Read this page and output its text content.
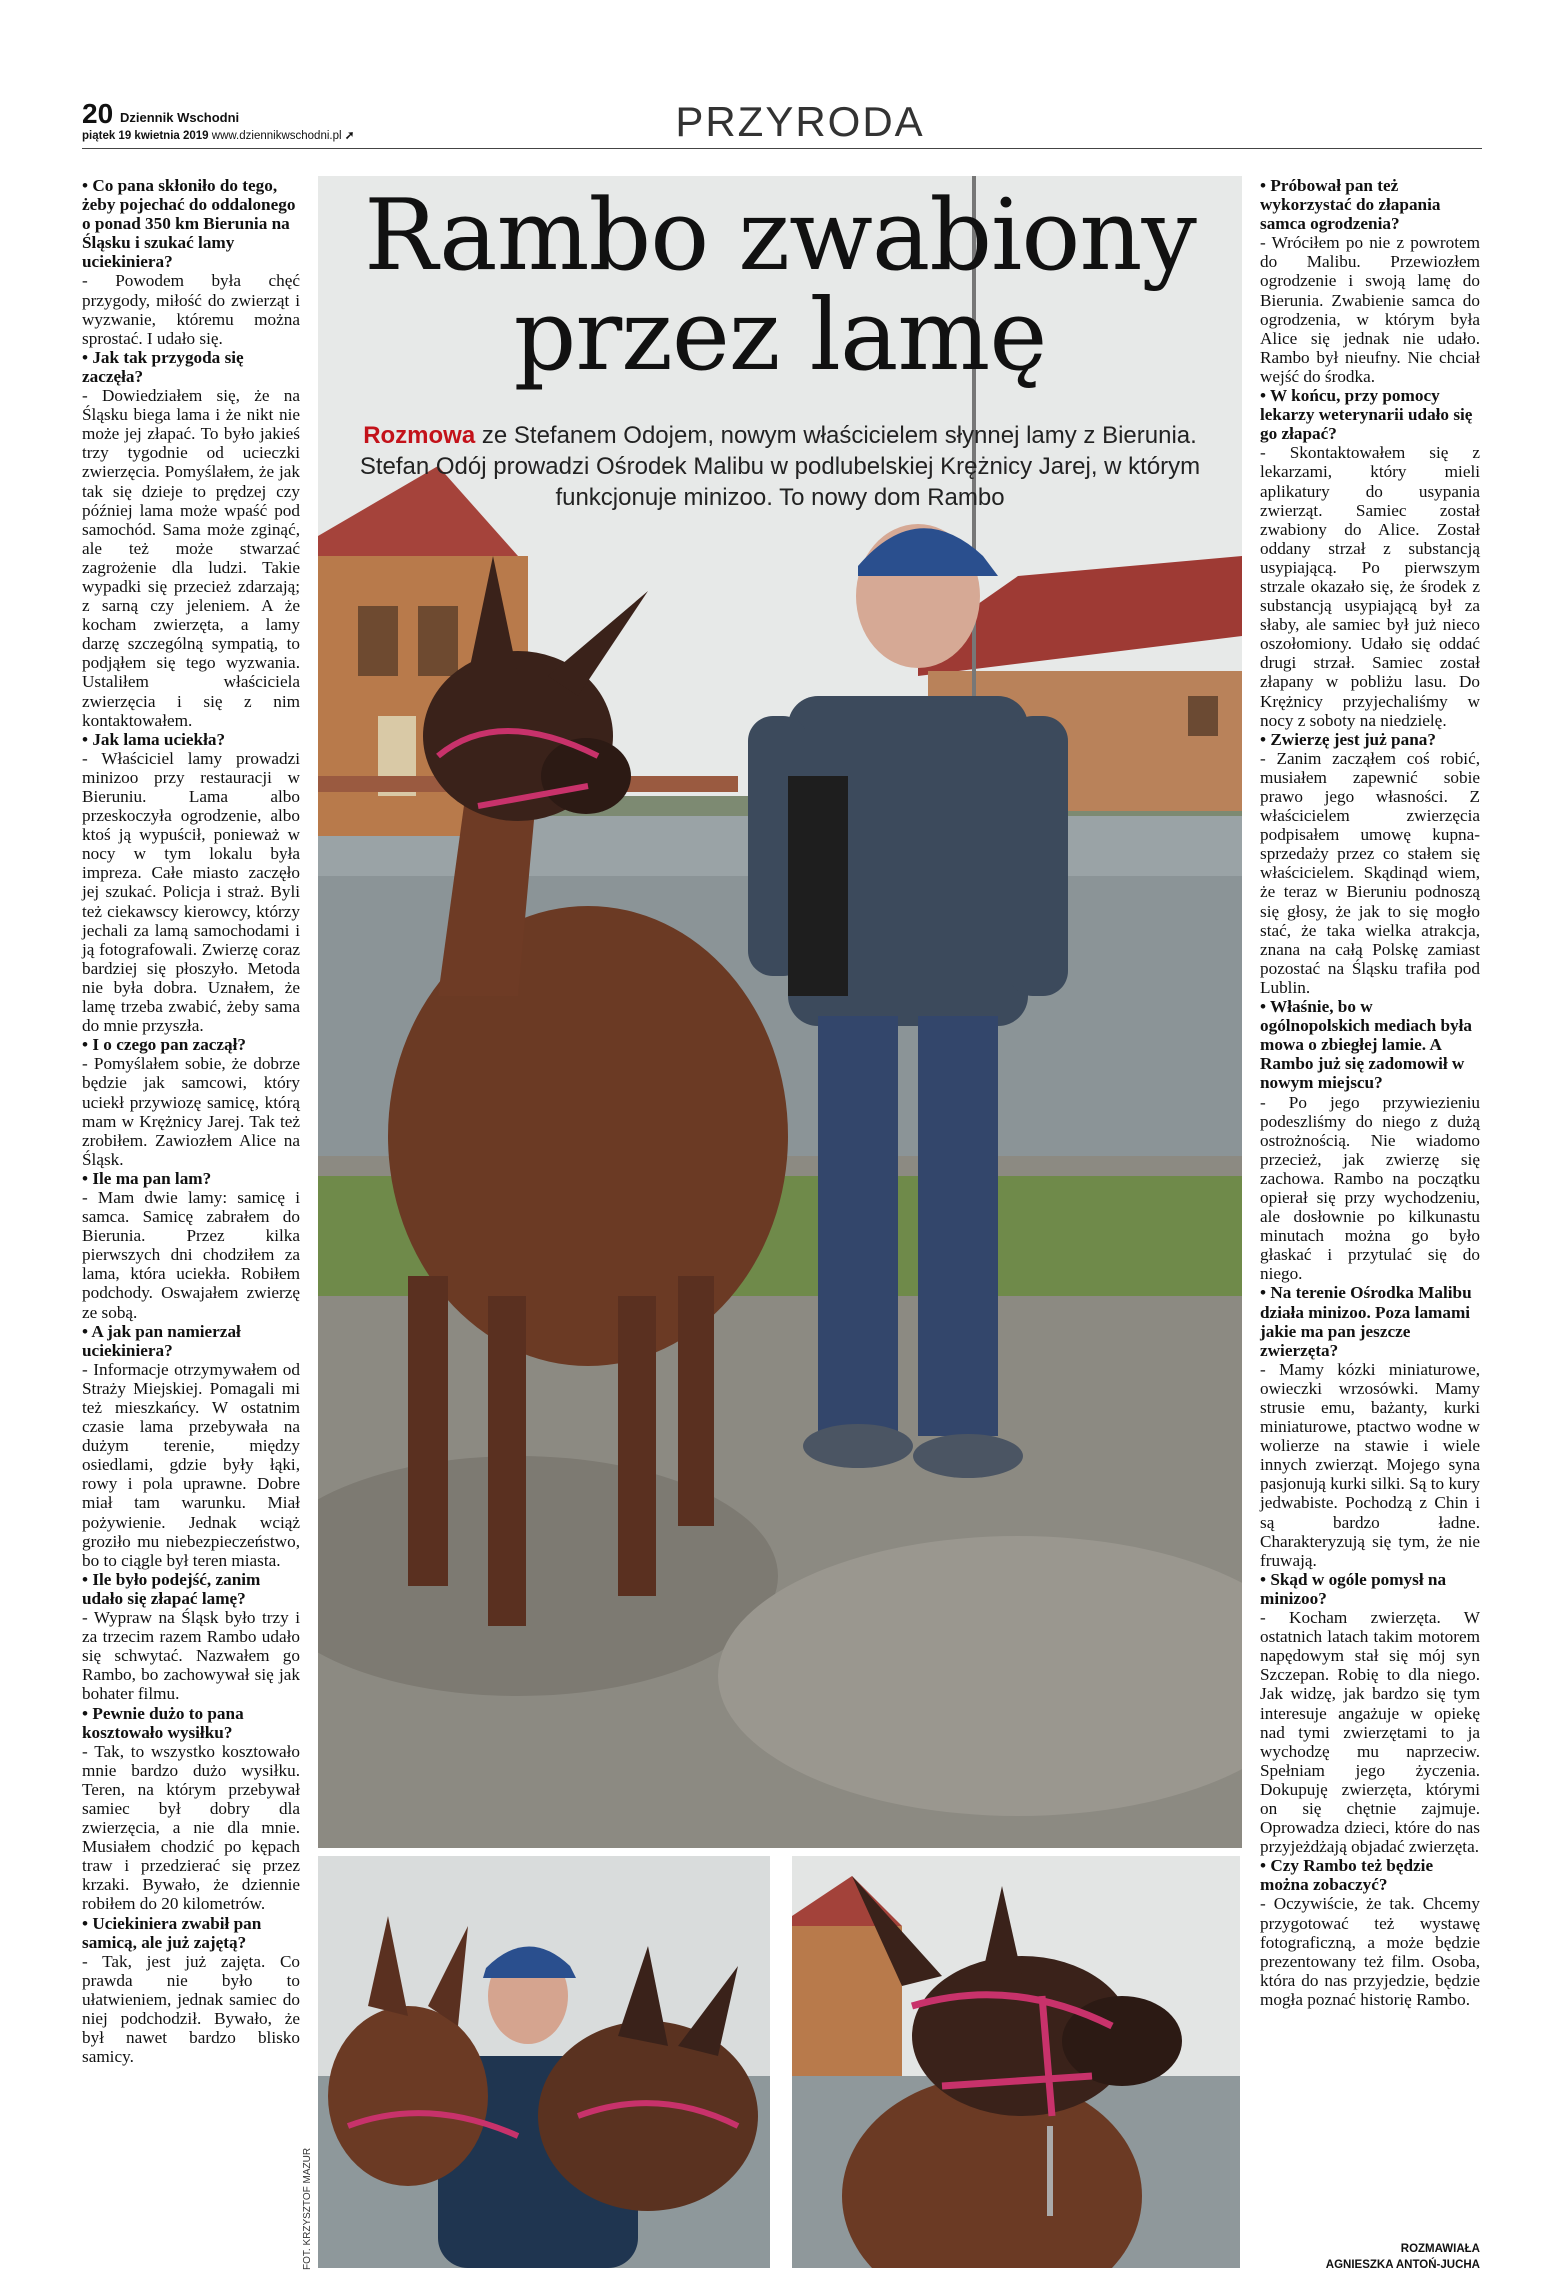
20 Dziennik Wschodni
piątek 19 kwietnia 2019 www.dziennikwschodni.pl ➚	PRZYRODA

• Co pana skłoniło do tego, żeby pojechać do oddalonego o ponad 350 km Bierunia na Śląsku i szukać lamy uciekiniera?

- Powodem była chęć przygody, miłość do zwierząt i wyzwanie, któremu można sprostać. I udało się.

• Jak tak przygoda się zaczęła?

- Dowiedziałem się, że na Śląsku biega lama i że nikt nie może jej złapać. To było jakieś trzy tygodnie od ucieczki zwierzęcia. Pomyślałem, że jak tak się dzieje to prędzej czy później lama może wpaść pod samochód. Sama może zginąć, ale też może stwarzać zagrożenie dla ludzi. Takie wypadki się przecież zdarzają; z sarną czy jeleniem. A że kocham zwierzęta, a lamy darzę szczególną sympatią, to podjąłem się tego wyzwania. Ustaliłem właściciela zwierzęcia i się z nim kontaktowałem.

• Jak lama uciekła?

- Właściciel lamy prowadzi minizoo przy restauracji w Bieruniu. Lama albo przeskoczyła ogrodzenie, albo ktoś ją wypuścił, ponieważ w nocy w tym lokalu była impreza. Całe miasto zaczęło jej szukać. Policja i straż. Byli też ciekawscy kierowcy, którzy jechali za lamą samochodami i ją fotografowali. Zwierzę coraz bardziej się płoszyło. Metoda nie była dobra. Uznałem, że lamę trzeba zwabić, żeby sama do mnie przyszła.

• I o czego pan zaczął?

- Pomyślałem sobie, że dobrze będzie jak samcowi, który uciekł przywiozę samicę, którą mam w Krężnicy Jarej. Tak też zrobiłem. Zawiozłem Alice na Śląsk.

• Ile ma pan lam?

- Mam dwie lamy: samicę i samca. Samicę zabrałem do Bierunia. Przez kilka pierwszych dni chodziłem za lama, która uciekła. Robiłem podchody. Oswajałem zwierzę ze sobą.

• A jak pan namierzał uciekiniera?

- Informacje otrzymywałem od Straży Miejskiej. Pomagali mi też mieszkańcy. W ostatnim czasie lama przebywała na dużym terenie, między osiedlami, gdzie były łąki, rowy i pola uprawne. Dobre miał tam warunku. Miał pożywienie. Jednak wciąż groziło mu niebezpieczeństwo, bo to ciągle był teren miasta.

• Ile było podejść, zanim udało się złapać lamę?

- Wypraw na Śląsk było trzy i za trzecim razem Rambo udało się schwytać. Nazwałem go Rambo, bo zachowywał się jak bohater filmu.

• Pewnie dużo to pana kosztowało wysiłku?

- Tak, to wszystko kosztowało mnie bardzo dużo wysiłku. Teren, na którym przebywał samiec był dobry dla zwierzęcia, a nie dla mnie. Musiałem chodzić po kępach traw i przedzierać się przez krzaki. Bywało, że dziennie robiłem do 20 kilometrów.

• Uciekiniera zwabił pan samicą, ale już zajętą?

- Tak, jest już zajęta. Co prawda nie było to ułatwieniem, jednak samiec do niej podchodził. Bywało, że był nawet bardzo blisko samicy.

Rambo zwabiony
przez lamę
Rozmowa ze Stefanem Odojem, nowym właścicielem słynnej lamy z Bierunia. Stefan Odój prowadzi Ośrodek Malibu w podlubelskiej Krężnicy Jarej, w którym funkcjonuje minizoo. To nowy dom Rambo

• Próbował pan też wykorzystać do złapania samca ogrodzenia?

- Wróciłem po nie z powrotem do Malibu. Przewiozłem ogrodzenie i swoją lamę do Bierunia. Zwabienie samca do ogrodzenia, w którym była Alice się jednak nie udało. Rambo był nieufny. Nie chciał wejść do środka.

• W końcu, przy pomocy lekarzy weterynarii udało się go złapać?

- Skontaktowałem się z lekarzami, który mieli aplikatury do usypania zwierząt. Samiec został zwabiony do Alice. Został oddany strzał z substancją usypiającą. Po pierwszym strzale okazało się, że środek z substancją usypiającą był za słaby, ale samiec był już nieco oszołomiony. Udało się oddać drugi strzał. Samiec został złapany w pobliżu lasu. Do Krężnicy przyjechaliśmy w nocy z soboty na niedzielę.

• Zwierzę jest już pana?

- Zanim zacząłem coś robić, musiałem zapewnić sobie prawo jego własności. Z właścicielem zwierzęcia podpisałem umowę kupna-sprzedaży przez co stałem się właścicielem. Skądinąd wiem, że teraz w Bieruniu podnoszą się głosy, że jak to się mogło stać, że taka wielka atrakcja, znana na całą Polskę zamiast pozostać na Śląsku trafiła pod Lublin.

• Właśnie, bo w ogólnopolskich mediach była mowa o zbiegłej lamie. A Rambo już się zadomowił w nowym miejscu?

- Po jego przywiezieniu podeszliśmy do niego z dużą ostrożnością. Nie wiadomo przecież, jak zwierzę się zachowa. Rambo na początku opierał się przy wychodzeniu, ale dosłownie po kilkunastu minutach można go było głaskać i przytulać się do niego.

• Na terenie Ośrodka Malibu działa minizoo. Poza lamami jakie ma pan jeszcze zwierzęta?

- Mamy kózki miniaturowe, owieczki wrzosówki. Mamy strusie emu, bażanty, kurki miniaturowe, ptactwo wodne w wolierze na stawie i wiele innych zwierząt. Mojego syna pasjonują kurki silki. Są to kury jedwabiste. Pochodzą z Chin i są bardzo ładne. Charakteryzują się tym, że nie fruwają.

• Skąd w ogóle pomysł na minizoo?

- Kocham zwierzęta. W ostatnich latach takim motorem napędowym stał się mój syn Szczepan. Robię to dla niego. Jak widzę, jak bardzo się tym interesuje angażuje w opiekę nad tymi zwierzętami to ja wychodzę mu naprzeciw. Spełniam jego życzenia. Dokupuję zwierzęta, którymi on się chętnie zajmuje. Oprowadza dzieci, które do nas przyjeżdżają objadać zwierzęta.

• Czy Rambo też będzie można zobaczyć?

- Oczywiście, że tak. Chcemy przygotować też wystawę fotograficzną, a może będzie prezentowany też film. Osoba, która do nas przyjedzie, będzie mogła poznać historię Rambo.

FOT. KRZYSZTOF MAZUR	ROZMAWIAŁA
AGNIESZKA ANTOŃ-JUCHA
